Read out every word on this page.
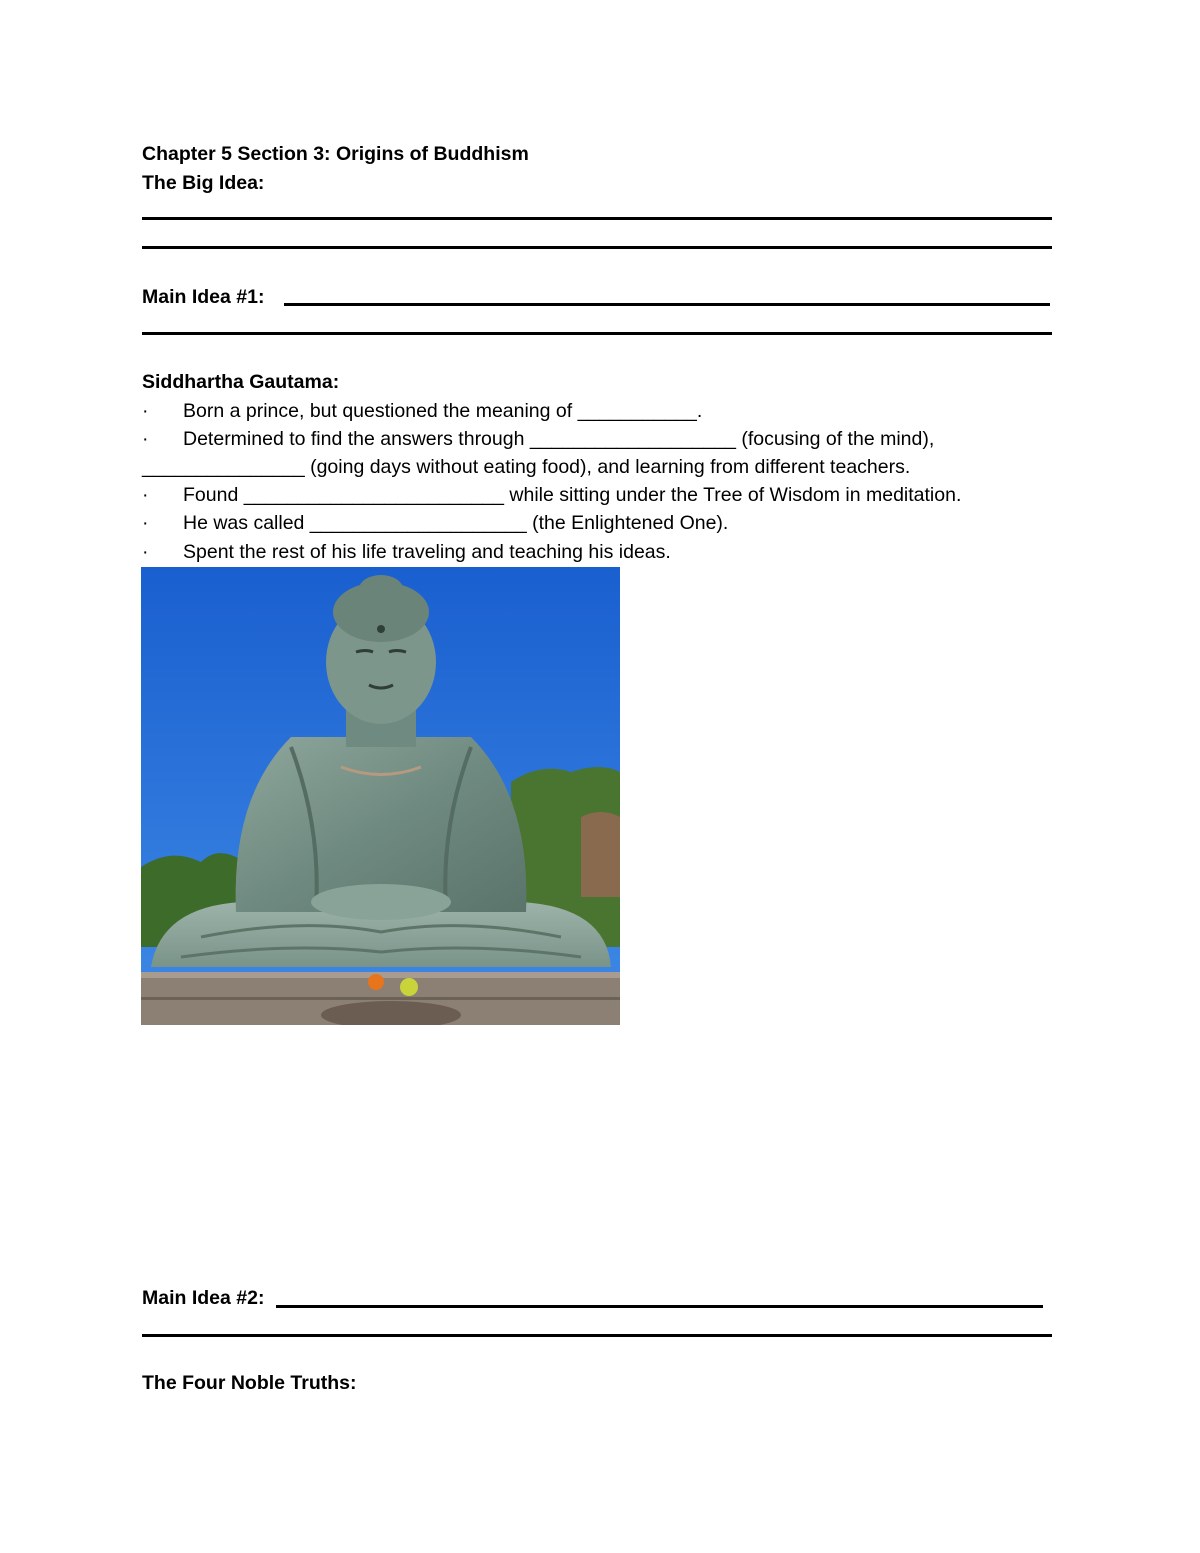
Chapter 5 Section 3: Origins of Buddhism
The Big Idea:
Main Idea #1:
Siddhartha Gautama:
· Born a prince, but questioned the meaning of ___________.
· Determined to find the answers through ___________________ (focusing of the mind),
_______________ (going days without eating food), and learning from different teachers.
· Found ________________________ while sitting under the Tree of Wisdom in meditation.
· He was called ____________________ (the Enlightened One).
· Spent the rest of his life traveling and teaching his ideas.
Main Idea #2:
The Four Noble Truths:
